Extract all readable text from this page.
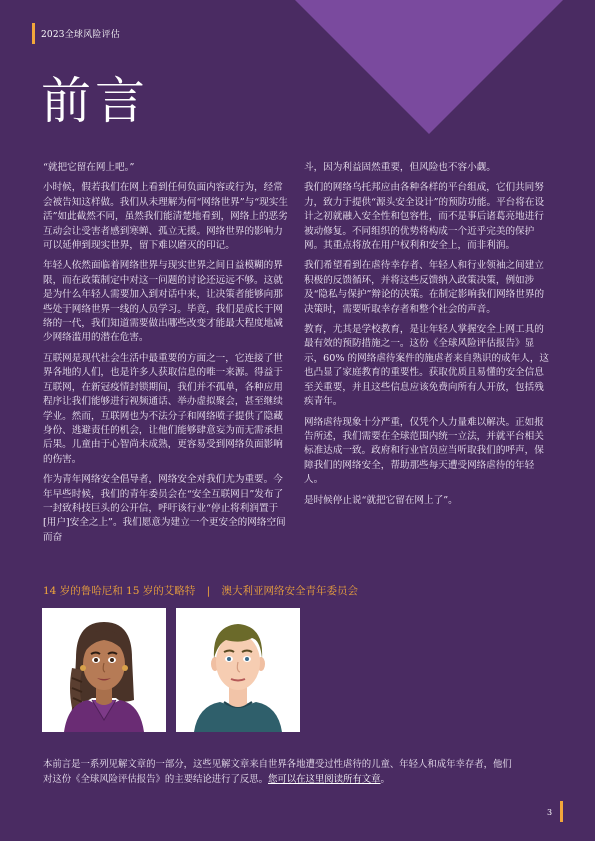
2023全球风险评估
前言

“就把它留在网上吧。”

小时候，假若我们在网上看到任何负面内容或行为，经常会被告知这样做。我们从未理解为何“网络世界”与“现实生活”如此截然不同，虽然我们能清楚地看到，网络上的恶劣互动会让受害者感到寒蝉、孤立无援。网络世界的影响力可以延伸到现实世界，留下难以磨灭的印记。

年轻人依然面临着网络世界与现实世界之间日益模糊的界限，而在政策制定中对这一问题的讨论还远远不够。这就是为什么年轻人需要加入到对话中来，让决策者能够向那些处于网络世界一线的人员学习。毕竟，我们是成长于网络的一代，我们知道需要做出哪些改变才能最大程度地减少网络滥用的潜在危害。

互联网是现代社会生活中最重要的方面之一，它连接了世界各地的人们，也是许多人获取信息的唯一来源。得益于互联网，在新冠疫情封锁期间，我们并不孤单，各种应用程序让我们能够进行视频通话、举办虚拟聚会，甚至继续学业。然而，互联网也为不法分子和网络喷子提供了隐藏身份、逃避责任的机会，让他们能够肆意妄为而无需承担后果。儿童由于心智尚未成熟，更容易受到网络负面影响的伤害。

作为青年网络安全倡导者，网络安全对我们尤为重要。今年早些时候，我们的青年委员会在“安全互联网日”发布了一封致科技巨头的公开信，呼吁该行业“停止将利润置于[用户]安全之上”。我们愿意为建立一个更安全的网络空间而奋

斗，因为利益固然重要，但风险也不容小觑。

我们的网络乌托邦应由各种各样的平台组成，它们共同努力，致力于提供“源头安全设计”的预防功能。平台将在设计之初就融入安全性和包容性，而不是事后诸葛亮地进行被动修复。不同组织的优势将构成一个近乎完美的保护网。其重点将放在用户权利和安全上，而非利润。

我们希望看到在虐待幸存者、年轻人和行业领袖之间建立积极的反馈循环，并将这些反馈纳入政策决策，例如涉及“隐私与保护”辩论的决策。在制定影响我们网络世界的决策时，需要听取幸存者和整个社会的声音。

教育，尤其是学校教育，是让年轻人掌握安全上网工具的最有效的预防措施之一。这份《全球风险评估报告》显示，60% 的网络虐待案件的施虐者来自熟识的成年人，这也凸显了家庭教育的重要性。获取优质且易懂的安全信息至关重要，并且这些信息应该免费向所有人开放，包括残疾青年。

网络虐待现象十分严重，仅凭个人力量难以解决。正如报告所述，我们需要在全球范围内统一立法，并就平台相关标准达成一致。政府和行业官员应当听取我们的呼声，保障我们的网络安全，帮助那些每天遭受网络虐待的年轻人。

是时候停止说“就把它留在网上了”。

14 岁的鲁哈尼和 15 岁的艾略特 | 澳大利亚网络安全青年委员会
本前言是一系列见解文章的一部分，这些见解文章来自世界各地遭受过性虐待的儿童、年轻人和成年幸存者，他们对这份《全球风险评估报告》的主要结论进行了反思。您可以在这里阅读所有文章。
3
